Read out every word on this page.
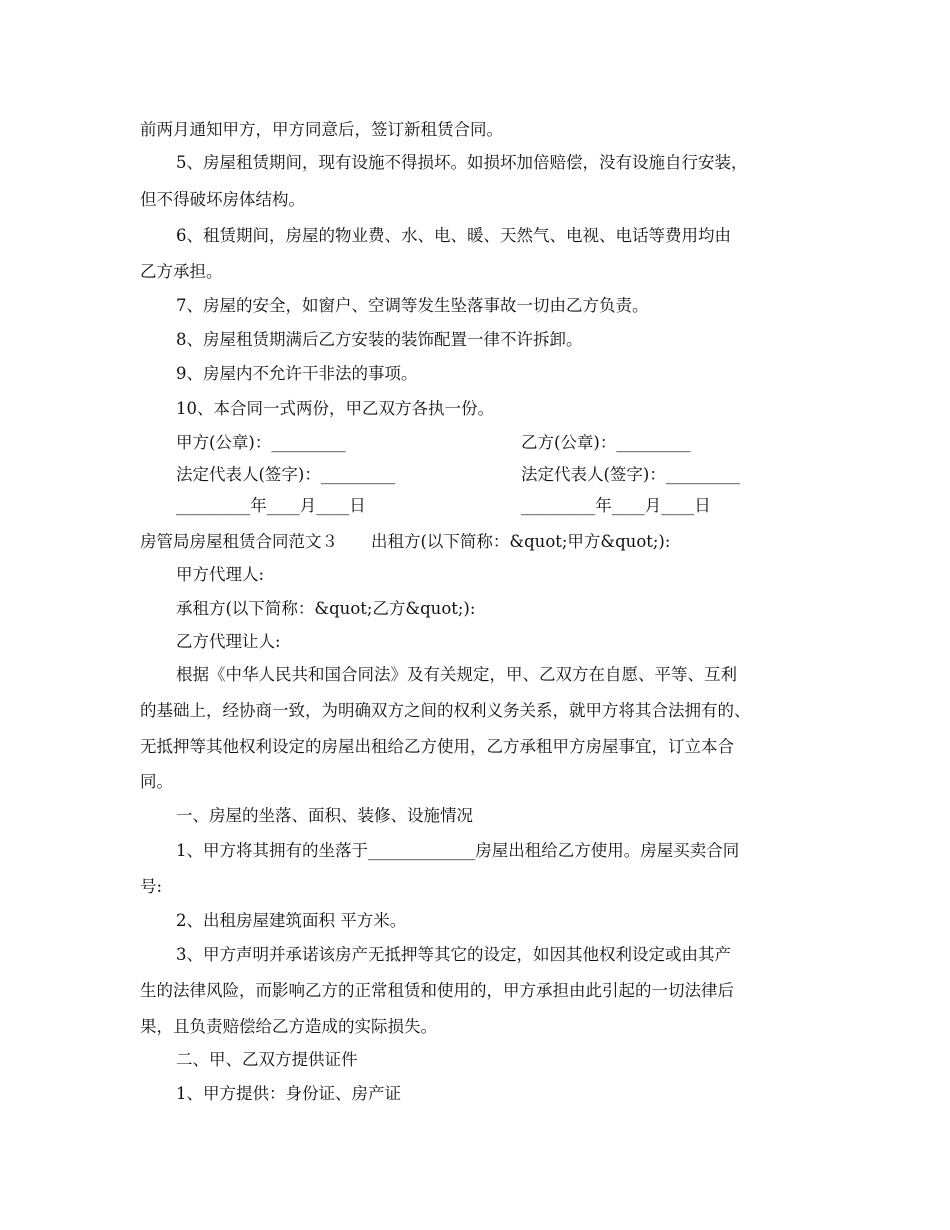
前两月通知甲方，甲方同意后，签订新租赁合同。
5、房屋租赁期间，现有设施不得损坏。如损坏加倍赔偿，没有设施自行安装，
但不得破坏房体结构。
6、租赁期间，房屋的物业费、水、电、暖、天然气、电视、电话等费用均由
乙方承担。
7、房屋的安全，如窗户、空调等发生坠落事故一切由乙方负责。
8、房屋租赁期满后乙方安装的装饰配置一律不许拆卸。
9、房屋内不允许干非法的事项。
10、本合同一式两份，甲乙双方各执一份。
甲方(公章)：_________	乙方(公章)：_________
法定代表人(签字)：_________	法定代表人(签字)：_________
_________年____月____日	_________年____月____日
房管局房屋租赁合同范文３　　出租方(以下简称：&quot;甲方&quot;):
甲方代理人:
承租方(以下简称：&quot;乙方&quot;):
乙方代理让人:
根据《中华人民共和国合同法》及有关规定，甲、乙双方在自愿、平等、互利
的基础上，经协商一致，为明确双方之间的权利义务关系，就甲方将其合法拥有的、
无抵押等其他权利设定的房屋出租给乙方使用，乙方承租甲方房屋事宜，订立本合
同。
一、房屋的坐落、面积、装修、设施情况
1、甲方将其拥有的坐落于_____________房屋出租给乙方使用。房屋买卖合同
号:
2、出租房屋建筑面积 平方米。
3、甲方声明并承诺该房产无抵押等其它的设定，如因其他权利设定或由其产
生的法律风险，而影响乙方的正常租赁和使用的，甲方承担由此引起的一切法律后
果，且负责赔偿给乙方造成的实际损失。
二、甲、乙双方提供证件
1、甲方提供：身份证、房产证
